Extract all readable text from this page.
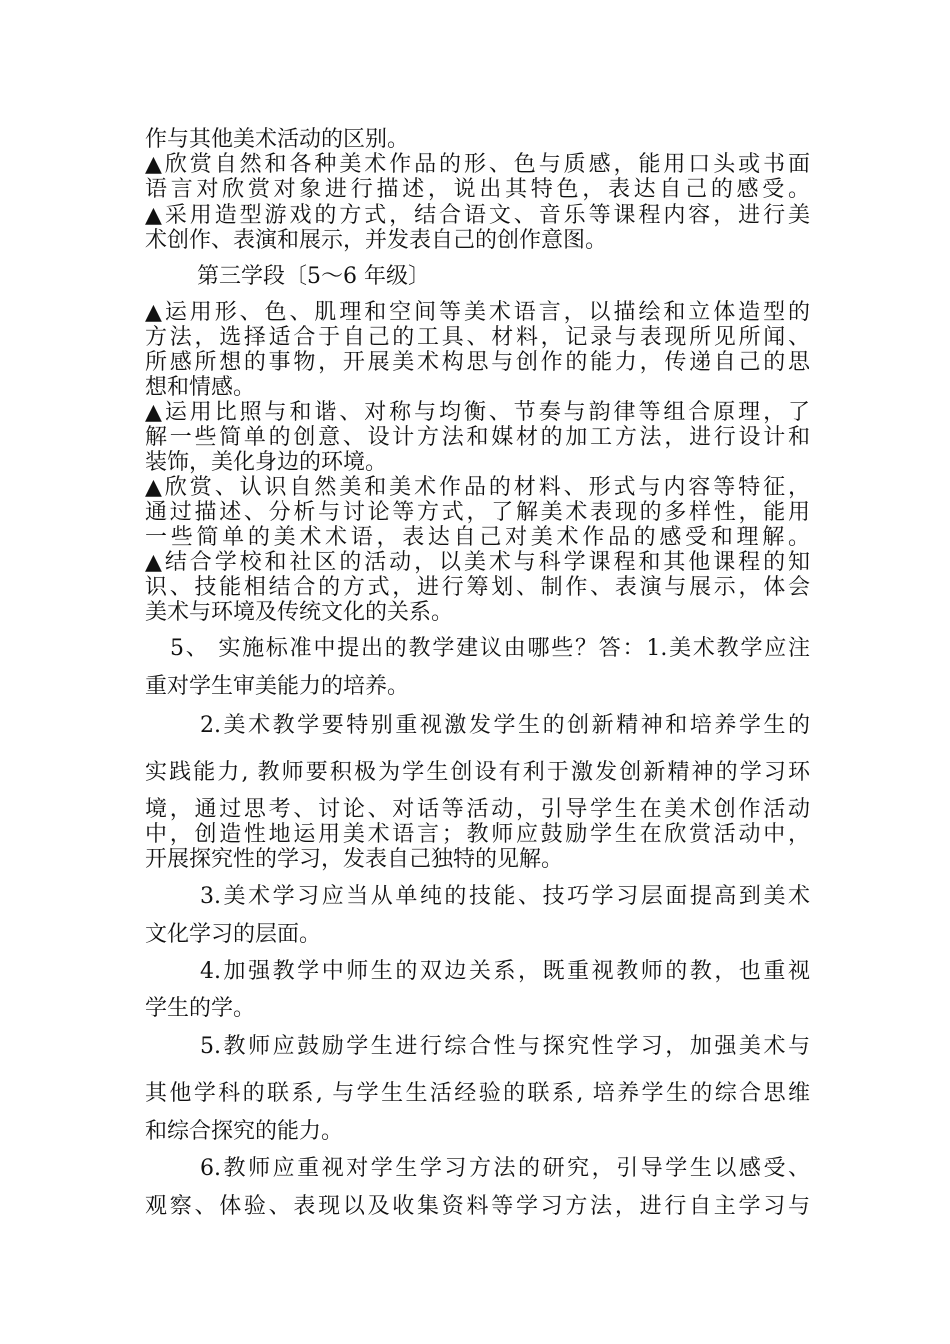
作与其他美术活动的区别。
▲欣赏自然和各种美术作品的形、色与质感，能用口头或书面
语言对欣赏对象进行描述，说出其特色，表达自己的感受。
▲采用造型游戏的方式，结合语文、音乐等课程内容，进行美
术创作、表演和展示，并发表自己的创作意图。
第三学段〔5～6 年级〕
▲运用形、色、肌理和空间等美术语言，以描绘和立体造型的
方法，选择适合于自己的工具、材料，记录与表现所见所闻、
所感所想的事物，开展美术构思与创作的能力，传递自己的思
想和情感。
▲运用比照与和谐、对称与均衡、节奏与韵律等组合原理，了
解一些简单的创意、设计方法和媒材的加工方法，进行设计和
装饰，美化身边的环境。
▲欣赏、认识自然美和美术作品的材料、形式与内容等特征，
通过描述、分析与讨论等方式，了解美术表现的多样性，能用
一些简单的美术术语，表达自己对美术作品的感受和理解。
▲结合学校和社区的活动，以美术与科学课程和其他课程的知
识、技能相结合的方式，进行筹划、制作、表演与展示，体会
美术与环境及传统文化的关系。
5、 实施标准中提出的教学建议由哪些？答：1.美术教学应注
重对学生审美能力的培养。
2.美术教学要特别重视激发学生的创新精神和培养学生的
实践能力, 教师要积极为学生创设有利于激发创新精神的学习环
境，通过思考、讨论、对话等活动，引导学生在美术创作活动
中，创造性地运用美术语言；教师应鼓励学生在欣赏活动中，
开展探究性的学习，发表自己独特的见解。
3.美术学习应当从单纯的技能、技巧学习层面提高到美术
文化学习的层面。
4.加强教学中师生的双边关系，既重视教师的教，也重视
学生的学。
5.教师应鼓励学生进行综合性与探究性学习，加强美术与
其他学科的联系, 与学生生活经验的联系, 培养学生的综合思维
和综合探究的能力。
6.教师应重视对学生学习方法的研究，引导学生以感受、
观察、体验、表现以及收集资料等学习方法，进行自主学习与
